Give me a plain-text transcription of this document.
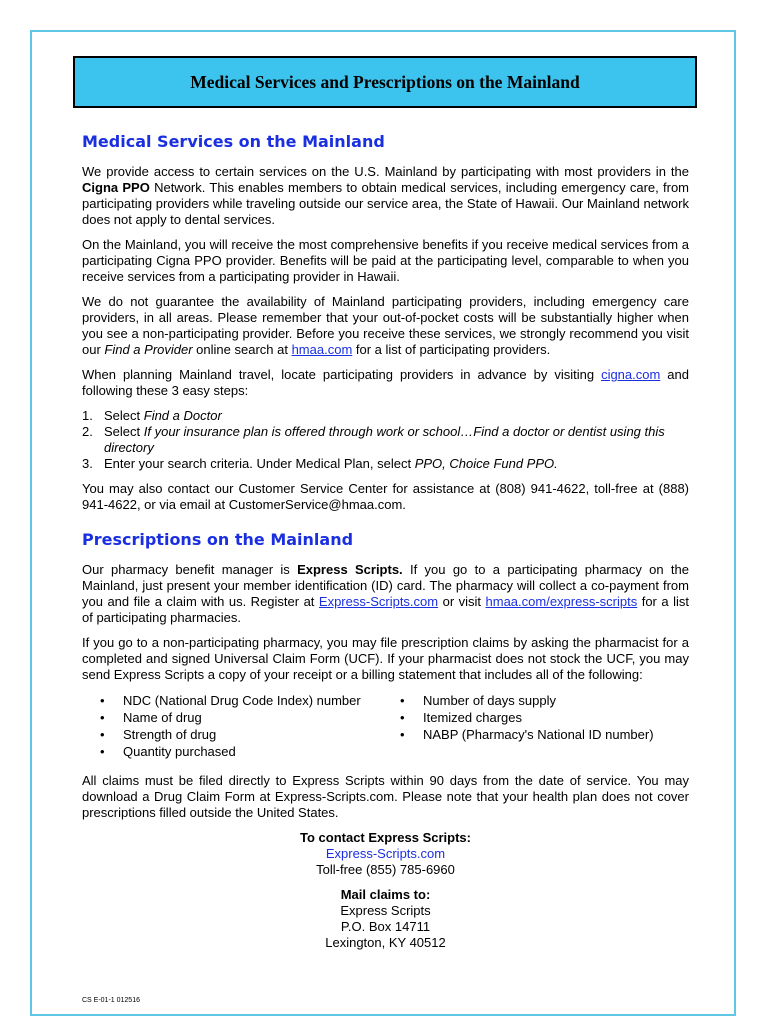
Medical Services and Prescriptions on the Mainland
Medical Services on the Mainland

We provide access to certain services on the U.S. Mainland by participating with most providers in the Cigna PPO Network. This enables members to obtain medical services, including emergency care, from participating providers while traveling outside our service area, the State of Hawaii. Our Mainland network does not apply to dental services.

On the Mainland, you will receive the most comprehensive benefits if you receive medical services from a participating Cigna PPO provider. Benefits will be paid at the participating level, comparable to when you receive services from a participating provider in Hawaii.

We do not guarantee the availability of Mainland participating providers, including emergency care providers, in all areas. Please remember that your out-of-pocket costs will be substantially higher when you see a non-participating provider. Before you receive these services, we strongly recommend you visit our Find a Provider online search at hmaa.com for a list of participating providers.

When planning Mainland travel, locate participating providers in advance by visiting cigna.com and following these 3 easy steps:

1. Select Find a Doctor
2. Select If your insurance plan is offered through work or school…Find a doctor or dentist using this directory
3. Enter your search criteria. Under Medical Plan, select PPO, Choice Fund PPO.

You may also contact our Customer Service Center for assistance at (808) 941-4622, toll-free at (888) 941-4622, or via email at CustomerService@hmaa.com.

Prescriptions on the Mainland

Our pharmacy benefit manager is Express Scripts. If you go to a participating pharmacy on the Mainland, just present your member identification (ID) card. The pharmacy will collect a co-payment from you and file a claim with us. Register at Express-Scripts.com or visit hmaa.com/express-scripts for a list of participating pharmacies.

If you go to a non-participating pharmacy, you may file prescription claims by asking the pharmacist for a completed and signed Universal Claim Form (UCF). If your pharmacist does not stock the UCF, you may send Express Scripts a copy of your receipt or a billing statement that includes all of the following:

• NDC (National Drug Code Index) number
• Name of drug
• Strength of drug
• Quantity purchased
• Number of days supply
• Itemized charges
• NABP (Pharmacy's National ID number)

All claims must be filed directly to Express Scripts within 90 days from the date of service. You may download a Drug Claim Form at Express-Scripts.com. Please note that your health plan does not cover prescriptions filled outside the United States.

To contact Express Scripts:
Express-Scripts.com
Toll-free (855) 785-6960
Mail claims to:
Express Scripts
P.O. Box 14711
Lexington, KY 40512
CS E-01-1 012516
